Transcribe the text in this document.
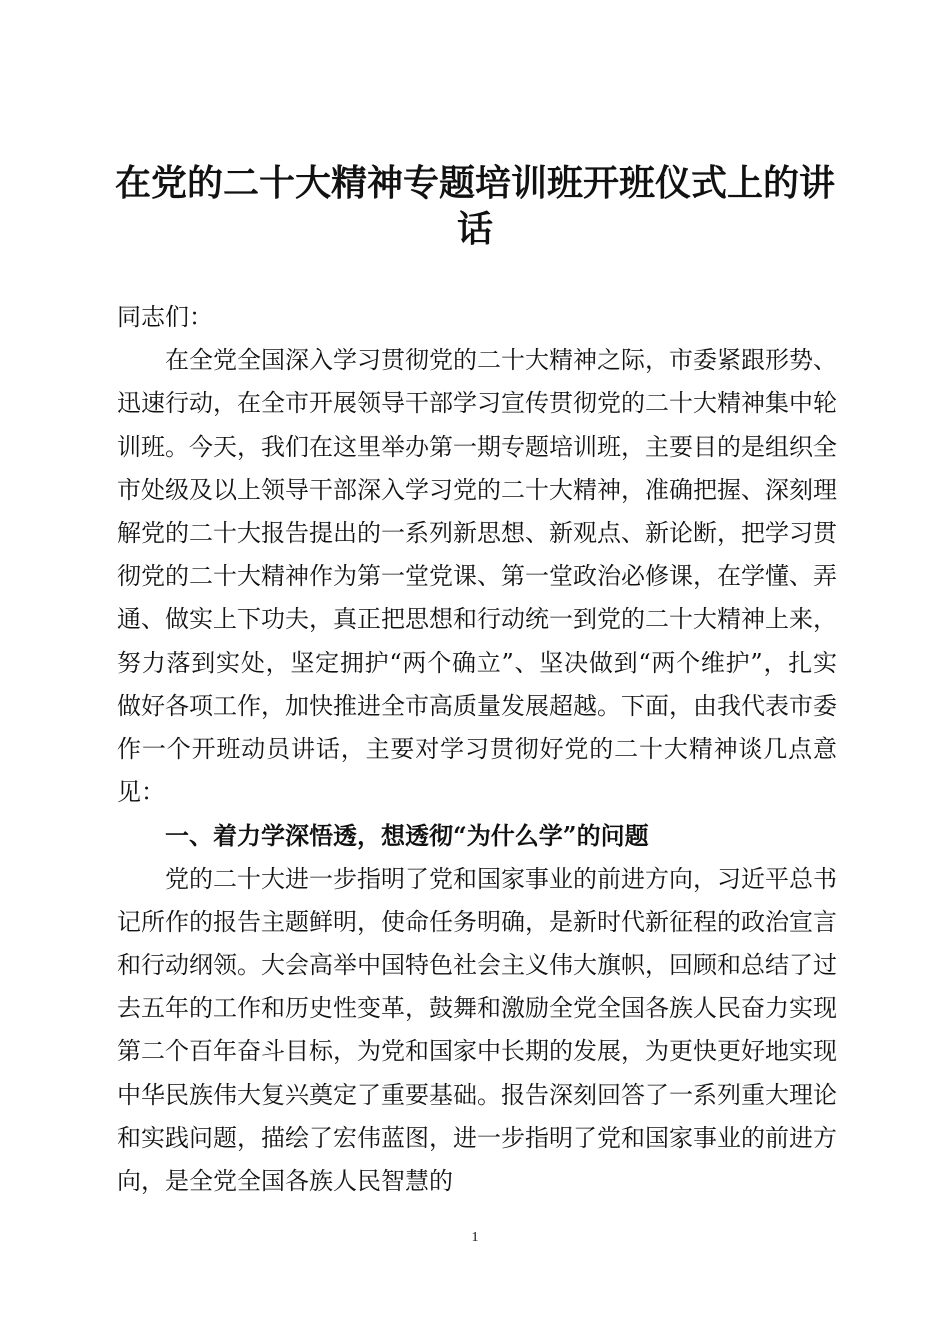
在党的二十大精神专题培训班开班仪式上的讲话

同志们：

在全党全国深入学习贯彻党的二十大精神之际，市委紧跟形势、迅速行动，在全市开展领导干部学习宣传贯彻党的二十大精神集中轮训班。今天，我们在这里举办第一期专题培训班，主要目的是组织全市处级及以上领导干部深入学习党的二十大精神，准确把握、深刻理解党的二十大报告提出的一系列新思想、新观点、新论断，把学习贯彻党的二十大精神作为第一堂党课、第一堂政治必修课，在学懂、弄通、做实上下功夫，真正把思想和行动统一到党的二十大精神上来，努力落到实处，坚定拥护“两个确立”、坚决做到“两个维护”，扎实做好各项工作，加快推进全市高质量发展超越。下面，由我代表市委作一个开班动员讲话，主要对学习贯彻好党的二十大精神谈几点意见：

一、着力学深悟透，想透彻“为什么学”的问题

党的二十大进一步指明了党和国家事业的前进方向，习近平总书记所作的报告主题鲜明，使命任务明确，是新时代新征程的政治宣言和行动纲领。大会高举中国特色社会主义伟大旗帜，回顾和总结了过去五年的工作和历史性变革，鼓舞和激励全党全国各族人民奋力实现第二个百年奋斗目标，为党和国家中长期的发展，为更快更好地实现中华民族伟大复兴奠定了重要基础。报告深刻回答了一系列重大理论和实践问题，描绘了宏伟蓝图，进一步指明了党和国家事业的前进方向，是全党全国各族人民智慧的

1
